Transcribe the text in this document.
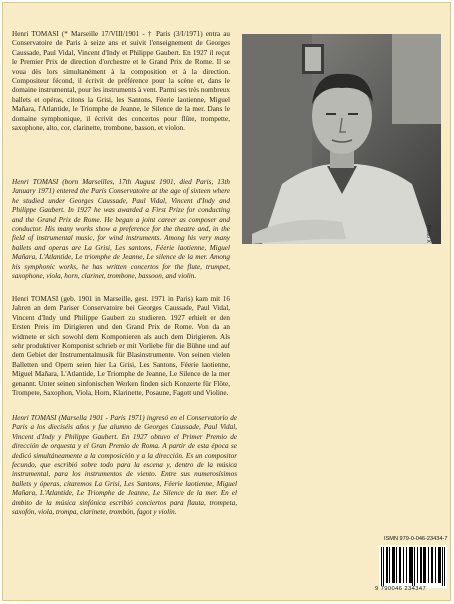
Henri TOMASI (* Marseille 17/VIII/1901 - † Paris (3/I/1971) entra au Conservatoire de Paris à seize ans et suivit l'enseignement de Georges Caussade, Paul Vidal, Vincent d'Indy et Philippe Gaubert. En 1927 il reçut le Premier Prix de direction d'orchestre et le Grand Prix de Rome. Il se voua dès lors simultanément à la composition et à la direction. Compositeur fécond, il écrivit de préférence pour la scène et, dans le domaine instrumental, pour les instruments à vent. Parmi ses très nombreux ballets et opéras, citons la Grisi, les Santons, Féerie laotienne, Miguel Mañara, l'Atlantide, le Triomphe de Jeanne, le Silence de la mer. Dans le domaine symphonique, il écrivit des concertos pour flûte, trompette, saxophone, alto, cor, clarinette, trombone, basson, et violon.

Henri TOMASI (born Marseilles, 17th August 1901, died Paris, 13th January 1971) entered the Paris Conservatoire at the age of sixteen where he studied under Georges Caussade, Paul Vidal, Vincent d'Indy and Philippe Gaubert. In 1927 he was awarded a First Prize for conducting and the Grand Prix de Rome. He began a joint career as composer and conductor. His many works show a preference for the theatre and, in the field of instrumental music, for wind instruments. Among his very many ballets and operas are La Grisi, Les santons, Féerie laotienne, Miguel Mañara, L'Atlantide, Le triomphe de Jeanne, Le silence de la mer. Among his symphonic works, he has written concertos for the flute, trumpet, saxophone, viola, horn, clarinet, trombone, bassoon, and violin.

Henri TOMASI (geb. 1901 in Marseille, gest. 1971 in Paris) kam mit 16 Jahren an dem Pariser Conservatoire bei Georges Caussade, Paul Vidal, Vincent d'Indy und Philippe Gaubert zu studieren. 1927 erhielt er den Ersten Preis im Dirigieren und den Grand Prix de Rome. Von da an widmete er sich sowohl dem Komponieren als auch dem Dirigieren. Als sehr produktiver Komponist schrieb er mit Vorliebe für die Bühne und auf dem Gebiet der Instrumentalmusik für Blasinstrumente. Von seinen vielen Balletten und Opern seien hier La Grisi, Les Santons, Féerie laotienne, Miguel Mañara, L'Atlantide, Le Triomphe de Jeanne, Le Silence de la mer genannt. Unter seinen sinfonischen Werken finden sich Konzerte für Flöte, Trompete, Saxophon, Viola, Horn, Klarinette, Posaune, Fagott und Violine.

Henri TOMASI (Marsella 1901 - Paris 1971) ingresó en el Conservatorio de Paris a los dieciséis años y fue alumno de Georges Caussade, Paul Vidal, Vincent d'Indy y Philippe Gaubert. En 1927 obtuvo el Primer Premio de dirección de orquesta y el Gran Premio de Roma. A partir de esta época se dedicó simultáneamente a la composición y a la dirección. Es un compositor fecundo, que escribió sobre todo para la escena y, dentro de la música instrumental, para los instrumentos de viento. Entre sus numerosísimos ballets y óperas, citaremos La Grisi, Les Santons, Féerie laotienne, Miguel Mañara, L'Atlantide, Le Triomphe de Jeanne, Le Silence de la mer. En el ámbito de la música sinfónica escribió conciertos para flauta, trompeta, saxofón, viola, trompa, clarinete, trombón, fagot y violín.

Photo X
ISMN 979-0-046-23434-7
9 790046 234347
